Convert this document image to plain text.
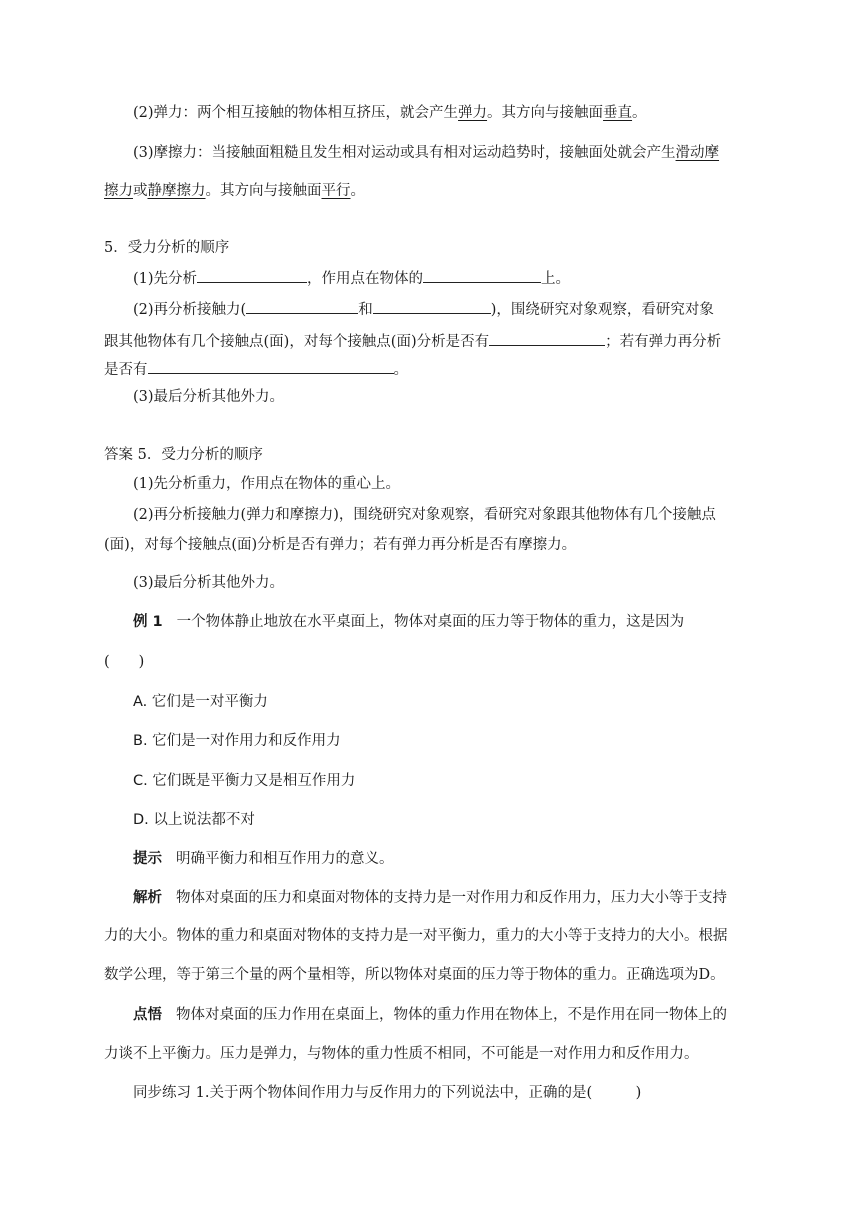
(2)弹力：两个相互接触的物体相互挤压，就会产生弹力。其方向与接触面垂直。
(3)摩擦力：当接触面粗糙且发生相对运动或具有相对运动趋势时，接触面处就会产生滑动摩
擦力或静摩擦力。其方向与接触面平行。
5．受力分析的顺序
(1)先分析	，作用点在物体的	上。
(2)再分析接触力(	和	)，围绕研究对象观察，看研究对象
跟其他物体有几个接触点(面)，对每个接触点(面)分析是否有	；若有弹力再分析
是否有	。
(3)最后分析其他外力。
答案 5．受力分析的顺序
(1)先分析重力，作用点在物体的重心上。
(2)再分析接触力(弹力和摩擦力)，围绕研究对象观察，看研究对象跟其他物体有几个接触点
(面)，对每个接触点(面)分析是否有弹力；若有弹力再分析是否有摩擦力。
(3)最后分析其他外力。
例 1 一个物体静止地放在水平桌面上，物体对桌面的压力等于物体的重力，这是因为
(　　)
A. 它们是一对平衡力
B. 它们是一对作用力和反作用力
C. 它们既是平衡力又是相互作用力
D. 以上说法都不对
提示 明确平衡力和相互作用力的意义。
解析 物体对桌面的压力和桌面对物体的支持力是一对作用力和反作用力，压力大小等于支持
力的大小。物体的重力和桌面对物体的支持力是一对平衡力，重力的大小等于支持力的大小。根据
数学公理，等于第三个量的两个量相等，所以物体对桌面的压力等于物体的重力。正确选项为D。
点悟 物体对桌面的压力作用在桌面上，物体的重力作用在物体上，不是作用在同一物体上的
力谈不上平衡力。压力是弹力，与物体的重力性质不相同，不可能是一对作用力和反作用力。
同步练习 1.关于两个物体间作用力与反作用力的下列说法中，正确的是(　　　)
